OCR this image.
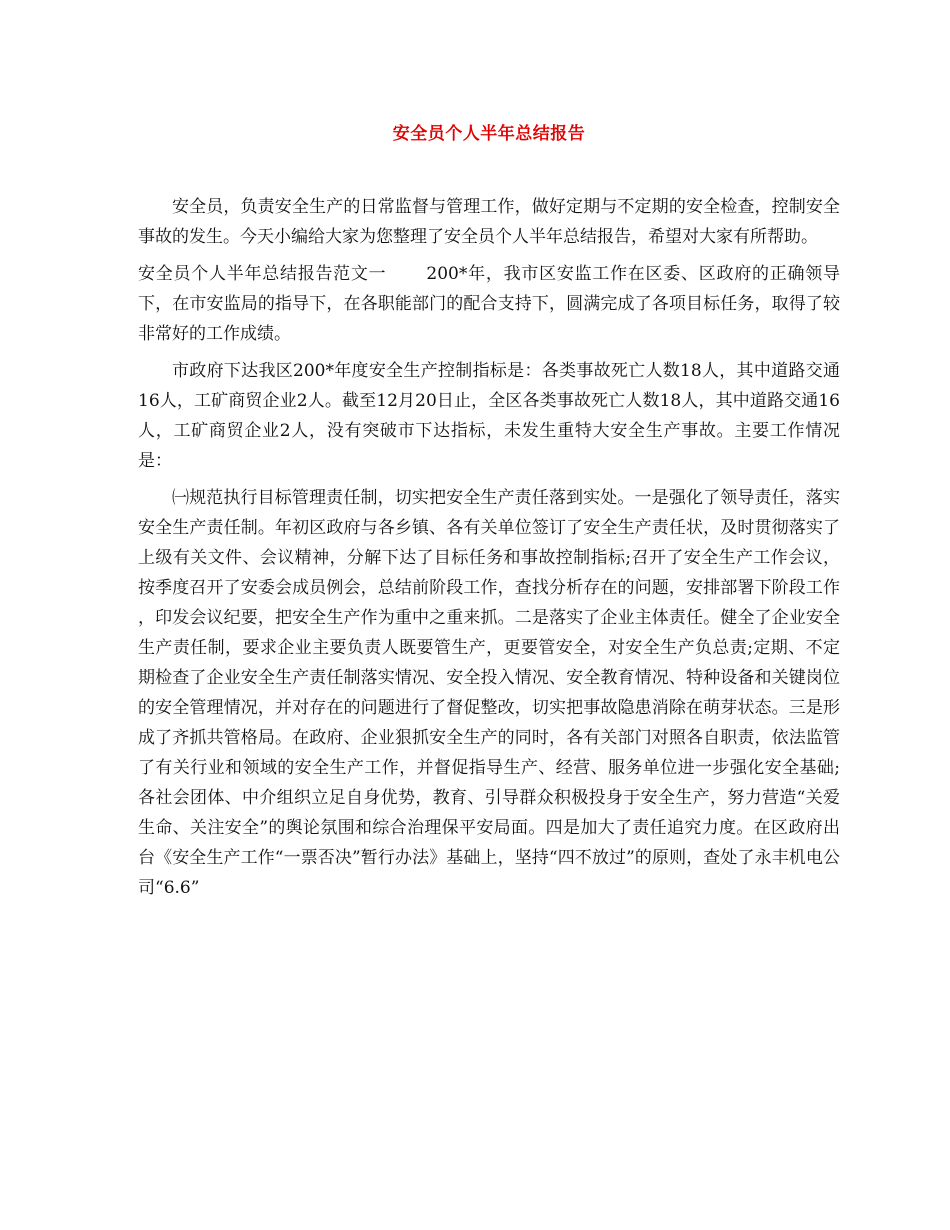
安全员个人半年总结报告

安全员，负责安全生产的日常监督与管理工作，做好定期与不定期的安全检查，控制安全事故的发生。今天小编给大家为您整理了安全员个人半年总结报告，希望对大家有所帮助。

安全员个人半年总结报告范文一 200*年，我市区安监工作在区委、区政府的正确领导下，在市安监局的指导下，在各职能部门的配合支持下，圆满完成了各项目标任务，取得了较非常好的工作成绩。

市政府下达我区200*年度安全生产控制指标是：各类事故死亡人数18人，其中道路交通16人，工矿商贸企业2人。截至12月20日止，全区各类事故死亡人数18人，其中道路交通16人，工矿商贸企业2人，没有突破市下达指标，未发生重特大安全生产事故。主要工作情况是：

㈠规范执行目标管理责任制，切实把安全生产责任落到实处。一是强化了领导责任，落实安全生产责任制。年初区政府与各乡镇、各有关单位签订了安全生产责任状，及时贯彻落实了上级有关文件、会议精神，分解下达了目标任务和事故控制指标;召开了安全生产工作会议，按季度召开了安委会成员例会，总结前阶段工作，查找分析存在的问题，安排部署下阶段工作 ，印发会议纪要，把安全生产作为重中之重来抓。二是落实了企业主体责任。健全了企业安全生产责任制，要求企业主要负责人既要管生产，更要管安全，对安全生产负总责;定期、不定期检查了企业安全生产责任制落实情况、安全投入情况、安全教育情况、特种设备和关键岗位的安全管理情况，并对存在的问题进行了督促整改，切实把事故隐患消除在萌芽状态。三是形成了齐抓共管格局。在政府、企业狠抓安全生产的同时，各有关部门对照各自职责，依法监管了有关行业和领域的安全生产工作，并督促指导生产、经营、服务单位进一步强化安全基础;各社会团体、中介组织立足自身优势，教育、引导群众积极投身于安全生产，努力营造“关爱生命、关注安全”的舆论氛围和综合治理保平安局面。四是加大了责任追究力度。在区政府出台《安全生产工作“一票否决”暂行办法》基础上，坚持“四不放过”的原则，查处了永丰机电公司“6.6”
